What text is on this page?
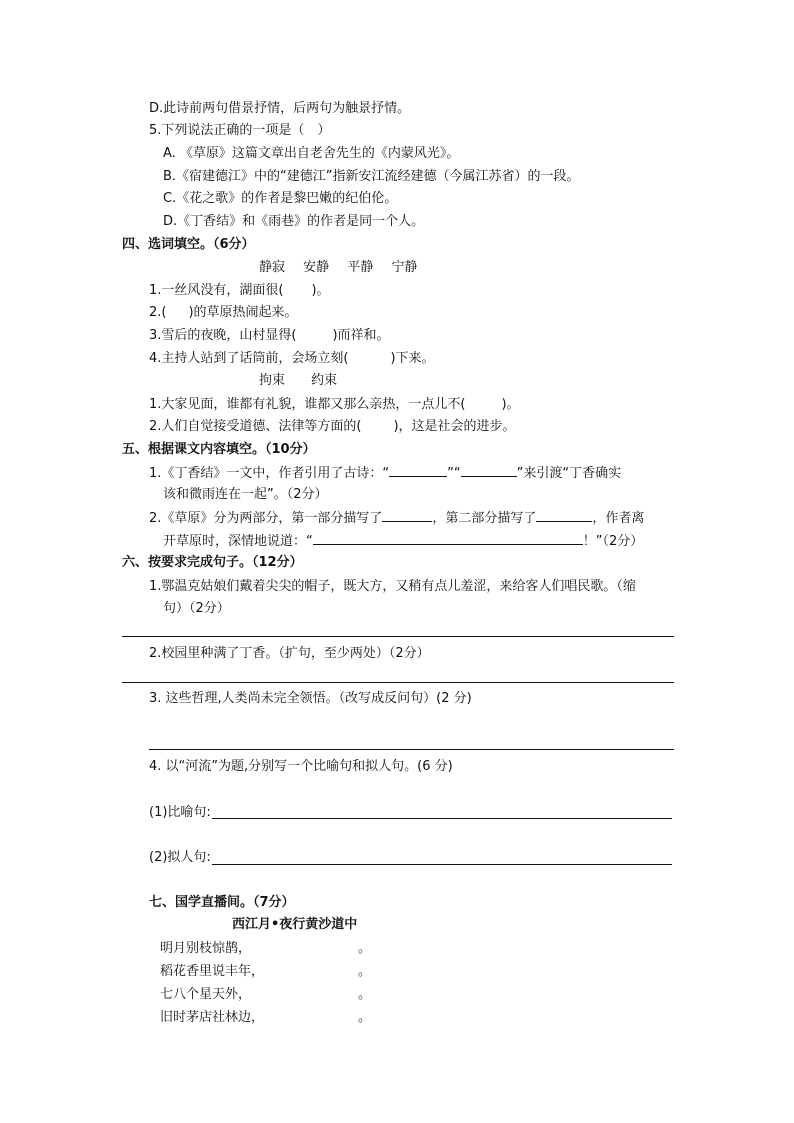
D.此诗前两句借景抒情，后两句为触景抒情。
5.下列说法正确的一项是（　）
A. 《草原》这篇文章出自老舍先生的《内蒙风光》。
B.《宿建德江》中的“建德江”指新安江流经建德（今属江苏省）的一段。
C.《花之歌》的作者是黎巴嫩的纪伯伦。
D.《丁香结》和《雨巷》的作者是同一个人。
四、选词填空。（6分）
静寂 安静 平静 宁静
1.一丝风没有，湖面很( )。
2.( )的草原热闹起来。
3.雪后的夜晚，山村显得(	)而祥和。
4.主持人站到了话筒前，会场立刻(	)下来。
拘束 约束
1.大家见面，谁都有礼貌，谁都又那么亲热，一点儿不(	)。
2.人们自觉接受道德、法律等方面的( )，这是社会的进步。
五、根据课文内容填空。（10分）
1.《丁香结》一文中，作者引用了古诗：“	”“	”来引渡“丁香确实
该和微雨连在一起”。（2分）
2.《草原》分为两部分，第一部分描写了	，第二部分描写了	，作者离
开草原时，深情地说道：“	！”（2分）
六、按要求完成句子。（12分）
1.鄂温克姑娘们戴着尖尖的帽子，既大方，又稍有点儿羞涩，来给客人们唱民歌。（缩
句）（2分）
2.校园里种满了丁香。（扩句，至少两处）（2分）
3. 这些哲理,人类尚未完全领悟。（改写成反问句）(2 分)
4. 以“河流”为题,分别写一个比喻句和拟人句。(6 分)
(1)比喻句:
(2)拟人句:
七、国学直播间。（7分）
西江月•夜行黄沙道中
明月别枝惊鹊，	。
稻花香里说丰年，	。
七八个星天外，	。
旧时茅店社林边，	。
